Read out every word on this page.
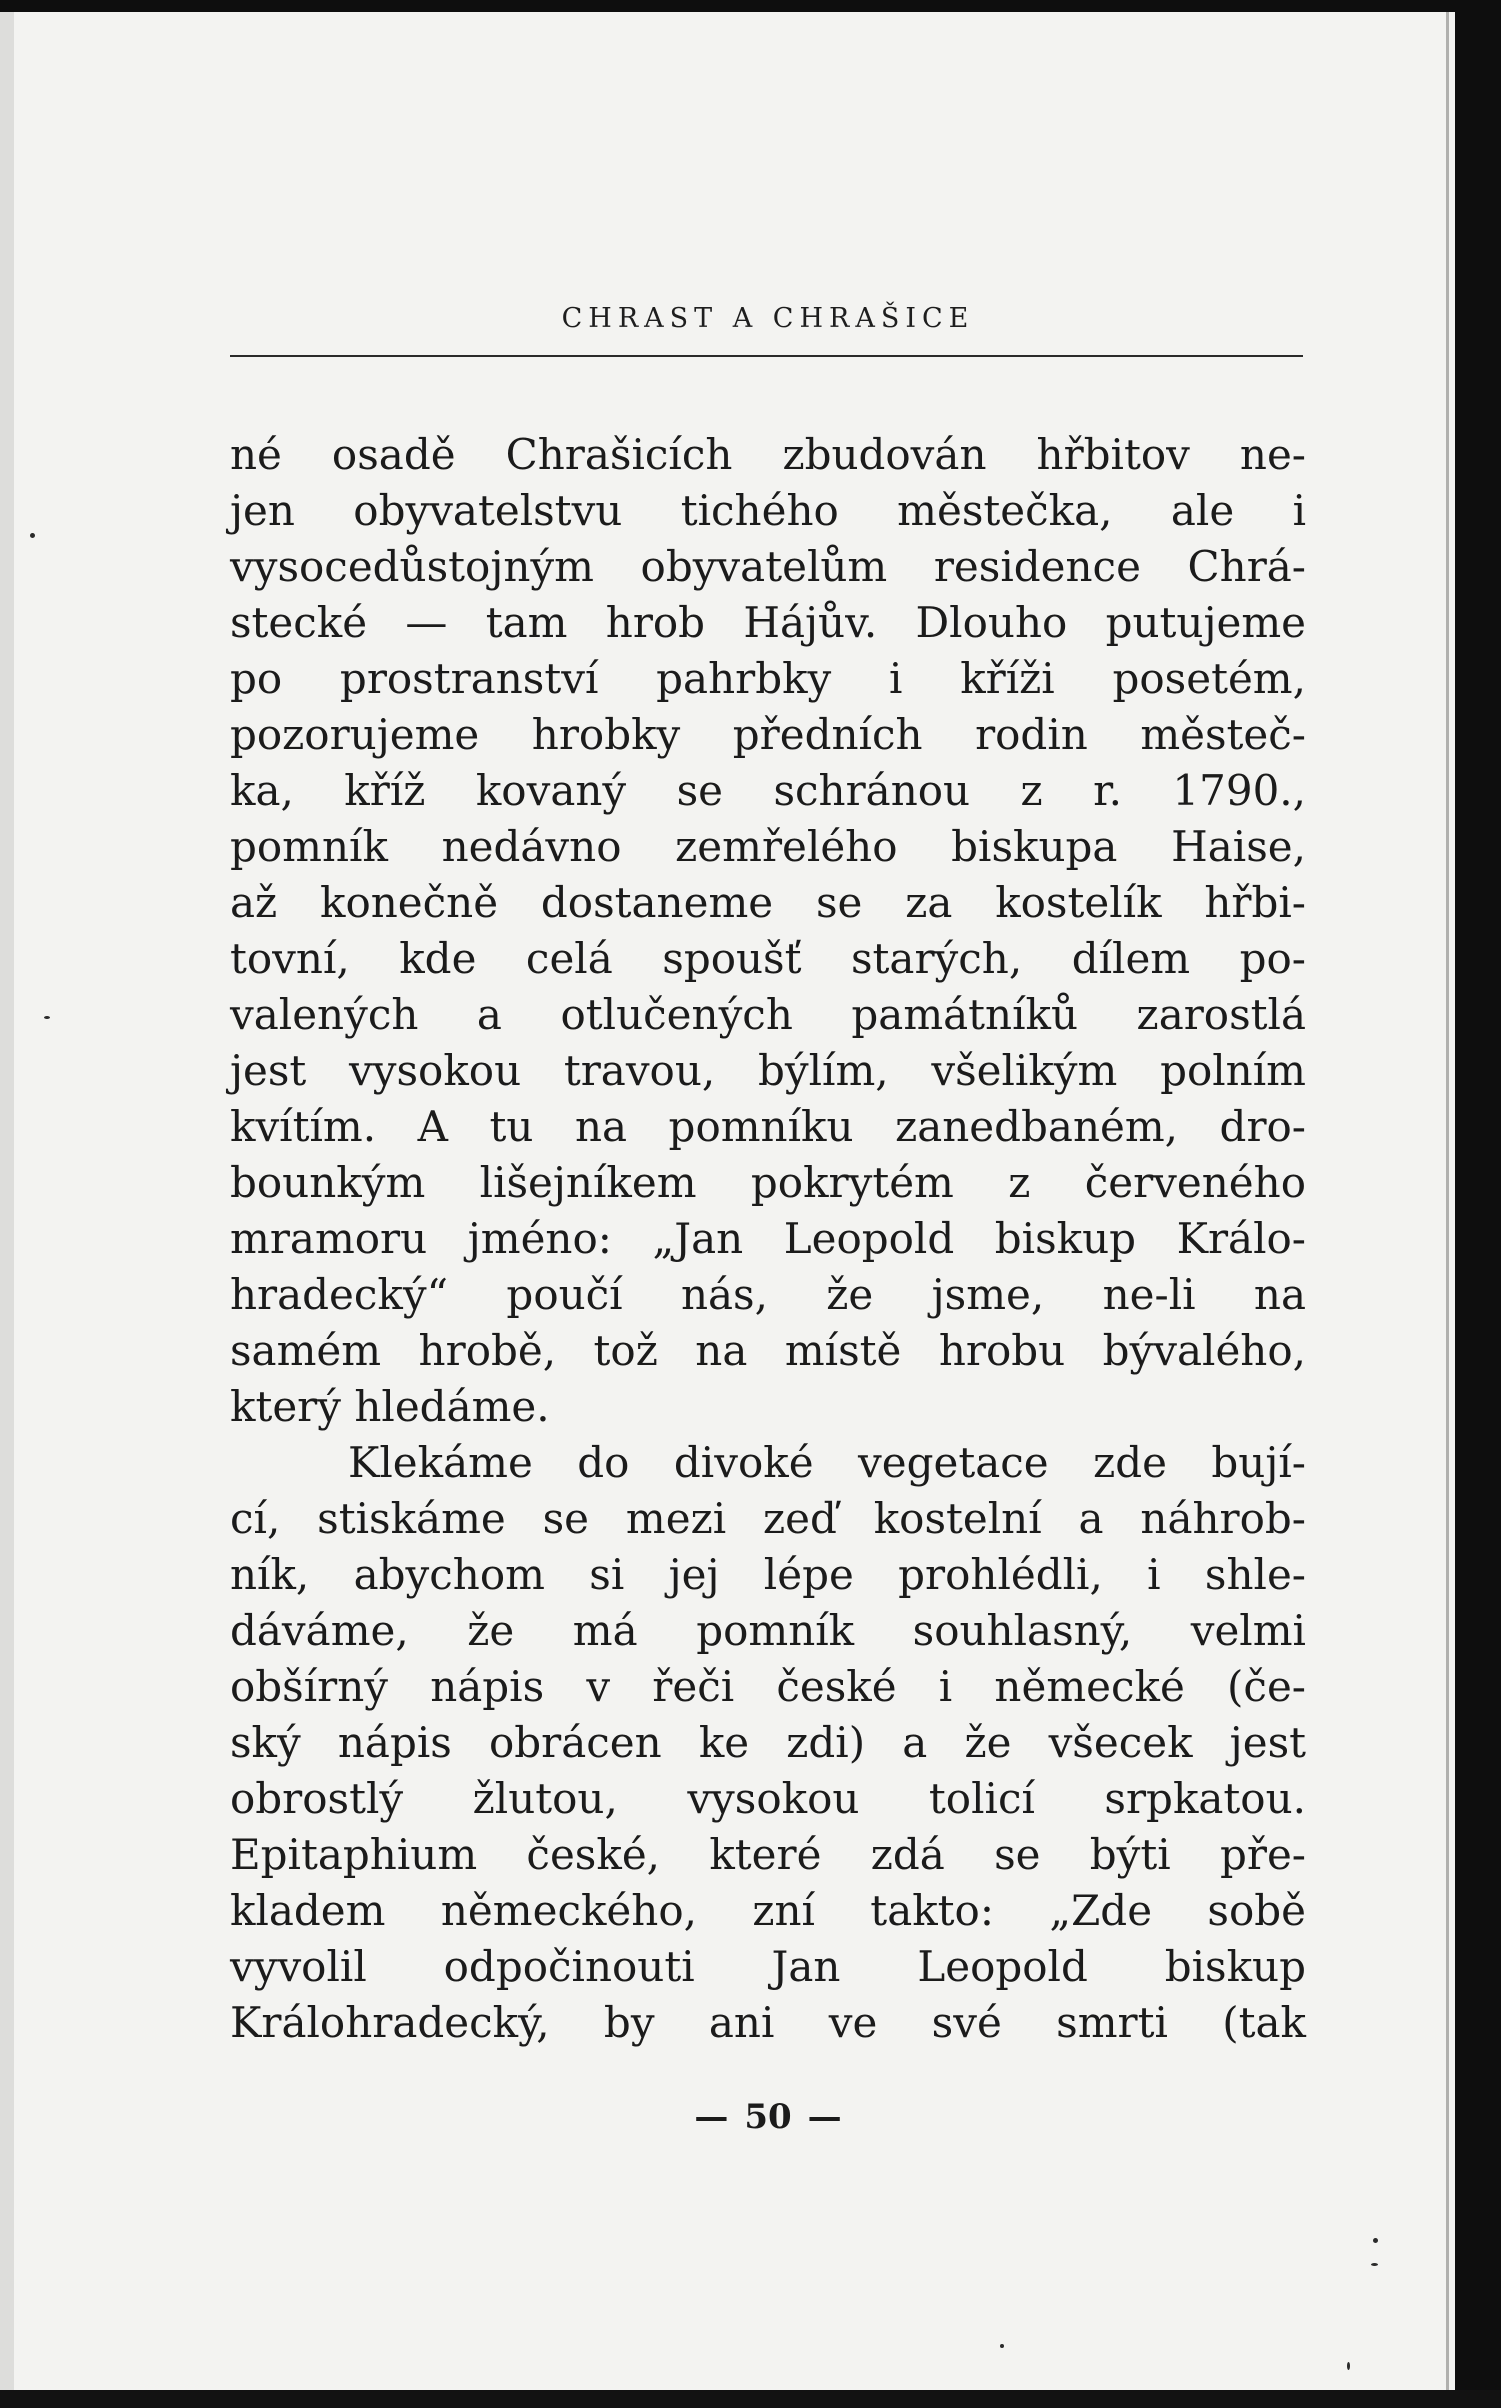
CHRAST A CHRAŠICE
né osadě Chrašicích zbudován hřbitov ne-
jen obyvatelstvu tichého městečka, ale i
vysocedůstojným obyvatelům residence Chrá-
stecké — tam hrob Hájův. Dlouho putujeme
po prostranství pahrbky i kříži posetém,
pozorujeme hrobky předních rodin městeč-
ka, kříž kovaný se schránou z r. 1790.,
pomník nedávno zemřelého biskupa Haise,
až konečně dostaneme se za kostelík hřbi-
tovní, kde celá spoušť starých, dílem po-
valených a otlučených památníků zarostlá
jest vysokou travou, býlím, všelikým polním
kvítím. A tu na pomníku zanedbaném, dro-
bounkým lišejníkem pokrytém z červeného
mramoru jméno: „Jan Leopold biskup Králo-
hradecký“ poučí nás, že jsme, ne-li na
samém hrobě, tož na místě hrobu bývalého,
který hledáme.
Klekáme do divoké vegetace zde bují-
cí, stiskáme se mezi zeď kostelní a náhrob-
ník, abychom si jej lépe prohlédli, i shle-
dáváme, že má pomník souhlasný, velmi
obšírný nápis v řeči české i německé (če-
ský nápis obrácen ke zdi) a že všecek jest
obrostlý žlutou, vysokou tolicí srpkatou.
Epitaphium české, které zdá se býti pře-
kladem německého, zní takto: „Zde sobě
vyvolil odpočinouti Jan Leopold biskup
Králohradecký, by ani ve své smrti (tak
— 50 —
